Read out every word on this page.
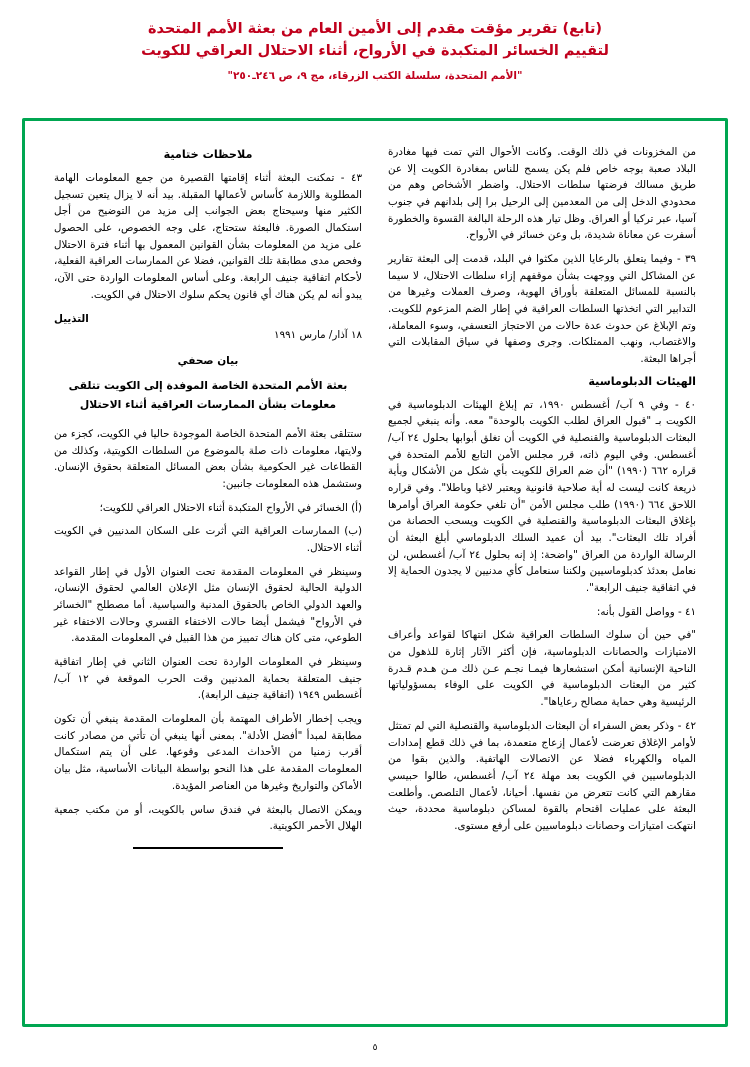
(تابع) تقرير مؤقت مقدم إلى الأمين العام من بعثة الأمم المتحدة
لتقييم الخسائر المتكبدة في الأرواح، أثناء الاحتلال العراقي للكويت
"الأمم المتحدة، سلسلة الكتب الزرقاء، مج ٩، ص ٢٤٦ـ٢٥٠"

من المخزونات في ذلك الوقت. وكانت الأحوال التي تمت فيها مغادرة البلاد صعبة بوجه خاص فلم يكن يسمح للناس بمغادرة الكويت إلا عن طريق مسالك فرضتها سلطات الاحتلال. واضطر الأشخاص وهم من محدودي الدخل إلى من المعدمين إلى الرحيل برا إلى بلدانهم في جنوب آسيا، عبر تركيا أو العراق. وظل تيار هذه الرحلة البالغة القسوة والخطورة أسفرت عن معاناة شديدة، بل وعن خسائر في الأرواح.

٣٩ - وفيما يتعلق بالرعايا الذين مكثوا في البلد، قدمت إلى البعثة تقارير عن المشاكل التي ووجهت بشأن موقفهم إزاء سلطات الاحتلال، لا سيما بالنسبة للمسائل المتعلقة بأوراق الهوية، وصرف العملات وغيرها من التدابير التي اتخذتها السلطات العراقية في إطار الضم المزعوم للكويت. وتم الإبلاغ عن حدوث عدة حالات من الاحتجاز التعسفي، وسوء المعاملة، والاغتصاب، ونهب الممتلكات. وجرى وصفها في سياق المقابلات التي أجراها البعثة.

الهيئات الدبلوماسية

٤٠ - وفي ٩ آب/ أغسطس ١٩٩٠، تم إبلاغ الهيئات الدبلوماسية في الكويت بـ "قبول العراق لطلب الكويت بالوحدة" معه. وأنه ينبغي لجميع البعثات الدبلوماسية والقنصلية في الكويت أن تغلق أبوابها بحلول ٢٤ آب/ أغسطس. وفي اليوم ذاته، قرر مجلس الأمن التابع للأمم المتحدة في قراره ٦٦٢ (١٩٩٠) "أن ضم العراق للكويت بأي شكل من الأشكال وبأية ذريعة كانت ليست له أية صلاحية قانونية ويعتبر لاغيا وباطلا". وفي قراره اللاحق ٦٦٤ (١٩٩٠) طلب مجلس الأمن "أن تلغي حكومة العراق أوامرها بإغلاق البعثات الدبلوماسية والقنصلية في الكويت ويسحب الحصانة من أفراد تلك البعثات". بيد أن عميد السلك الدبلوماسي أبلغ البعثة أن الرسالة الواردة من العراق "واضحة: إذ إنه بحلول ٢٤ آب/ أغسطس، لن نعامل بعدئذ كدبلوماسيين ولكننا سنعامل كأي مدنيين لا يجدون الحماية إلا في اتفاقية جنيف الرابعة".

٤١ - وواصل القول بأنه:

"في حين أن سلوك السلطات العراقية شكل انتهاكا لقواعد وأعراف الامتيازات والحصانات الدبلوماسية، فإن أكثر الآثار إثارة للذهول من الناحية الإنسانية أمكن استشعارها فيمـا نجـم عـن ذلك مـن هـدم قـدرة كثير من البعثات الدبلوماسية في الكويت على الوفاء بمسؤولياتها الرئيسية وهي حماية مصالح رعاياها".

٤٢ - وذكر بعض السفراء أن البعثات الدبلوماسية والقنصلية التي لم تمتثل لأوامر الإغلاق تعرضت لأعمال إزعاج متعمدة، بما في ذلك قطع إمدادات المياه والكهرباء فضلا عن الاتصالات الهاتفية. والذين بقوا من الدبلوماسيين في الكويت بعد مهلة ٢٤ آب/ أغسطس، طالوا حبيسي مقارهم التي كانت تتعرض من نفسها. أحيانا، لأعمال التلصص. وأطلعت البعثة على عمليات اقتحام بالقوة لمساكن دبلوماسية محددة، حيث انتهكت امتيازات وحصانات دبلوماسيين على أرفع مستوى.

ملاحظات ختامية

٤٣ - تمكنت البعثة أثناء إقامتها القصيرة من جمع المعلومات الهامة المطلوبة واللازمة كأساس لأعمالها المقبلة. بيد أنه لا يزال يتعين تسجيل الكثير منها وسيحتاج بعض الجوانب إلى مزيد من التوضيح من أجل استكمال الصورة. فالبعثة ستحتاج، على وجه الخصوص، على الحصول على مزيد من المعلومات بشأن القوانين المعمول بها أثناء فترة الاحتلال وفحص مدى مطابقة تلك القوانين، فضلا عن الممارسات العراقية الفعلية، لأحكام اتفاقية جنيف الرابعة. وعلى أساس المعلومات الواردة حتى الآن، يبدو أنه لم يكن هناك أي قانون يحكم سلوك الاحتلال في الكويت.

التذييل
١٨ آذار/ مارس ١٩٩١
بيان صحفي
بعثة الأمم المتحدة الخاصة الموفدة إلى الكويت تتلقى
معلومات بشأن الممارسات العراقية أثناء الاحتلال

ستتلقى بعثة الأمم المتحدة الخاصة الموجودة حاليا في الكويت، كجزء من ولايتها، معلومات ذات صلة بالموضوع من السلطات الكويتية، وكذلك من القطاعات غير الحكومية بشأن بعض المسائل المتعلقة بحقوق الإنسان. وستشمل هذه المعلومات جانبين:

(أ) الخسائر في الأرواح المتكبدة أثناء الاحتلال العراقي للكويت؛

(ب) الممارسات العراقية التي أثرت على السكان المدنيين في الكويت أثناء الاحتلال.

وسينظر في المعلومات المقدمة تحت العنوان الأول في إطار القواعد الدولية الحالية لحقوق الإنسان مثل الإعلان العالمي لحقوق الإنسان، والعهد الدولي الخاص بالحقوق المدنية والسياسية. أما مصطلح "الخسائر في الأرواح" فيشمل أيضا حالات الاختفاء القسري وحالات الاختفاء غير الطوعي، متى كان هناك تمييز من هذا القبيل في المعلومات المقدمة.

وسينظر في المعلومات الواردة تحت العنوان الثاني في إطار اتفاقية جنيف المتعلقة بحماية المدنيين وقت الحرب الموقعة في ١٢ آب/ أغسطس ١٩٤٩ (اتفاقية جنيف الرابعة).

ويجب إخطار الأطراف المهتمة بأن المعلومات المقدمة ينبغي أن تكون مطابقة لمبدأ "أفضل الأدلة". بمعنى أنها ينبغي أن تأتي من مصادر كانت أقرب زمنيا من الأحداث المدعى وقوعها. على أن يتم استكمال المعلومات المقدمة على هذا النحو بواسطة البيانات الأساسية، مثل بيان الأماكن والتواريخ وغيرها من العناصر المؤيدة.

ويمكن الاتصال بالبعثة في فندق ساس بالكويت، أو من مكتب جمعية الهلال الأحمر الكويتية.

٥
